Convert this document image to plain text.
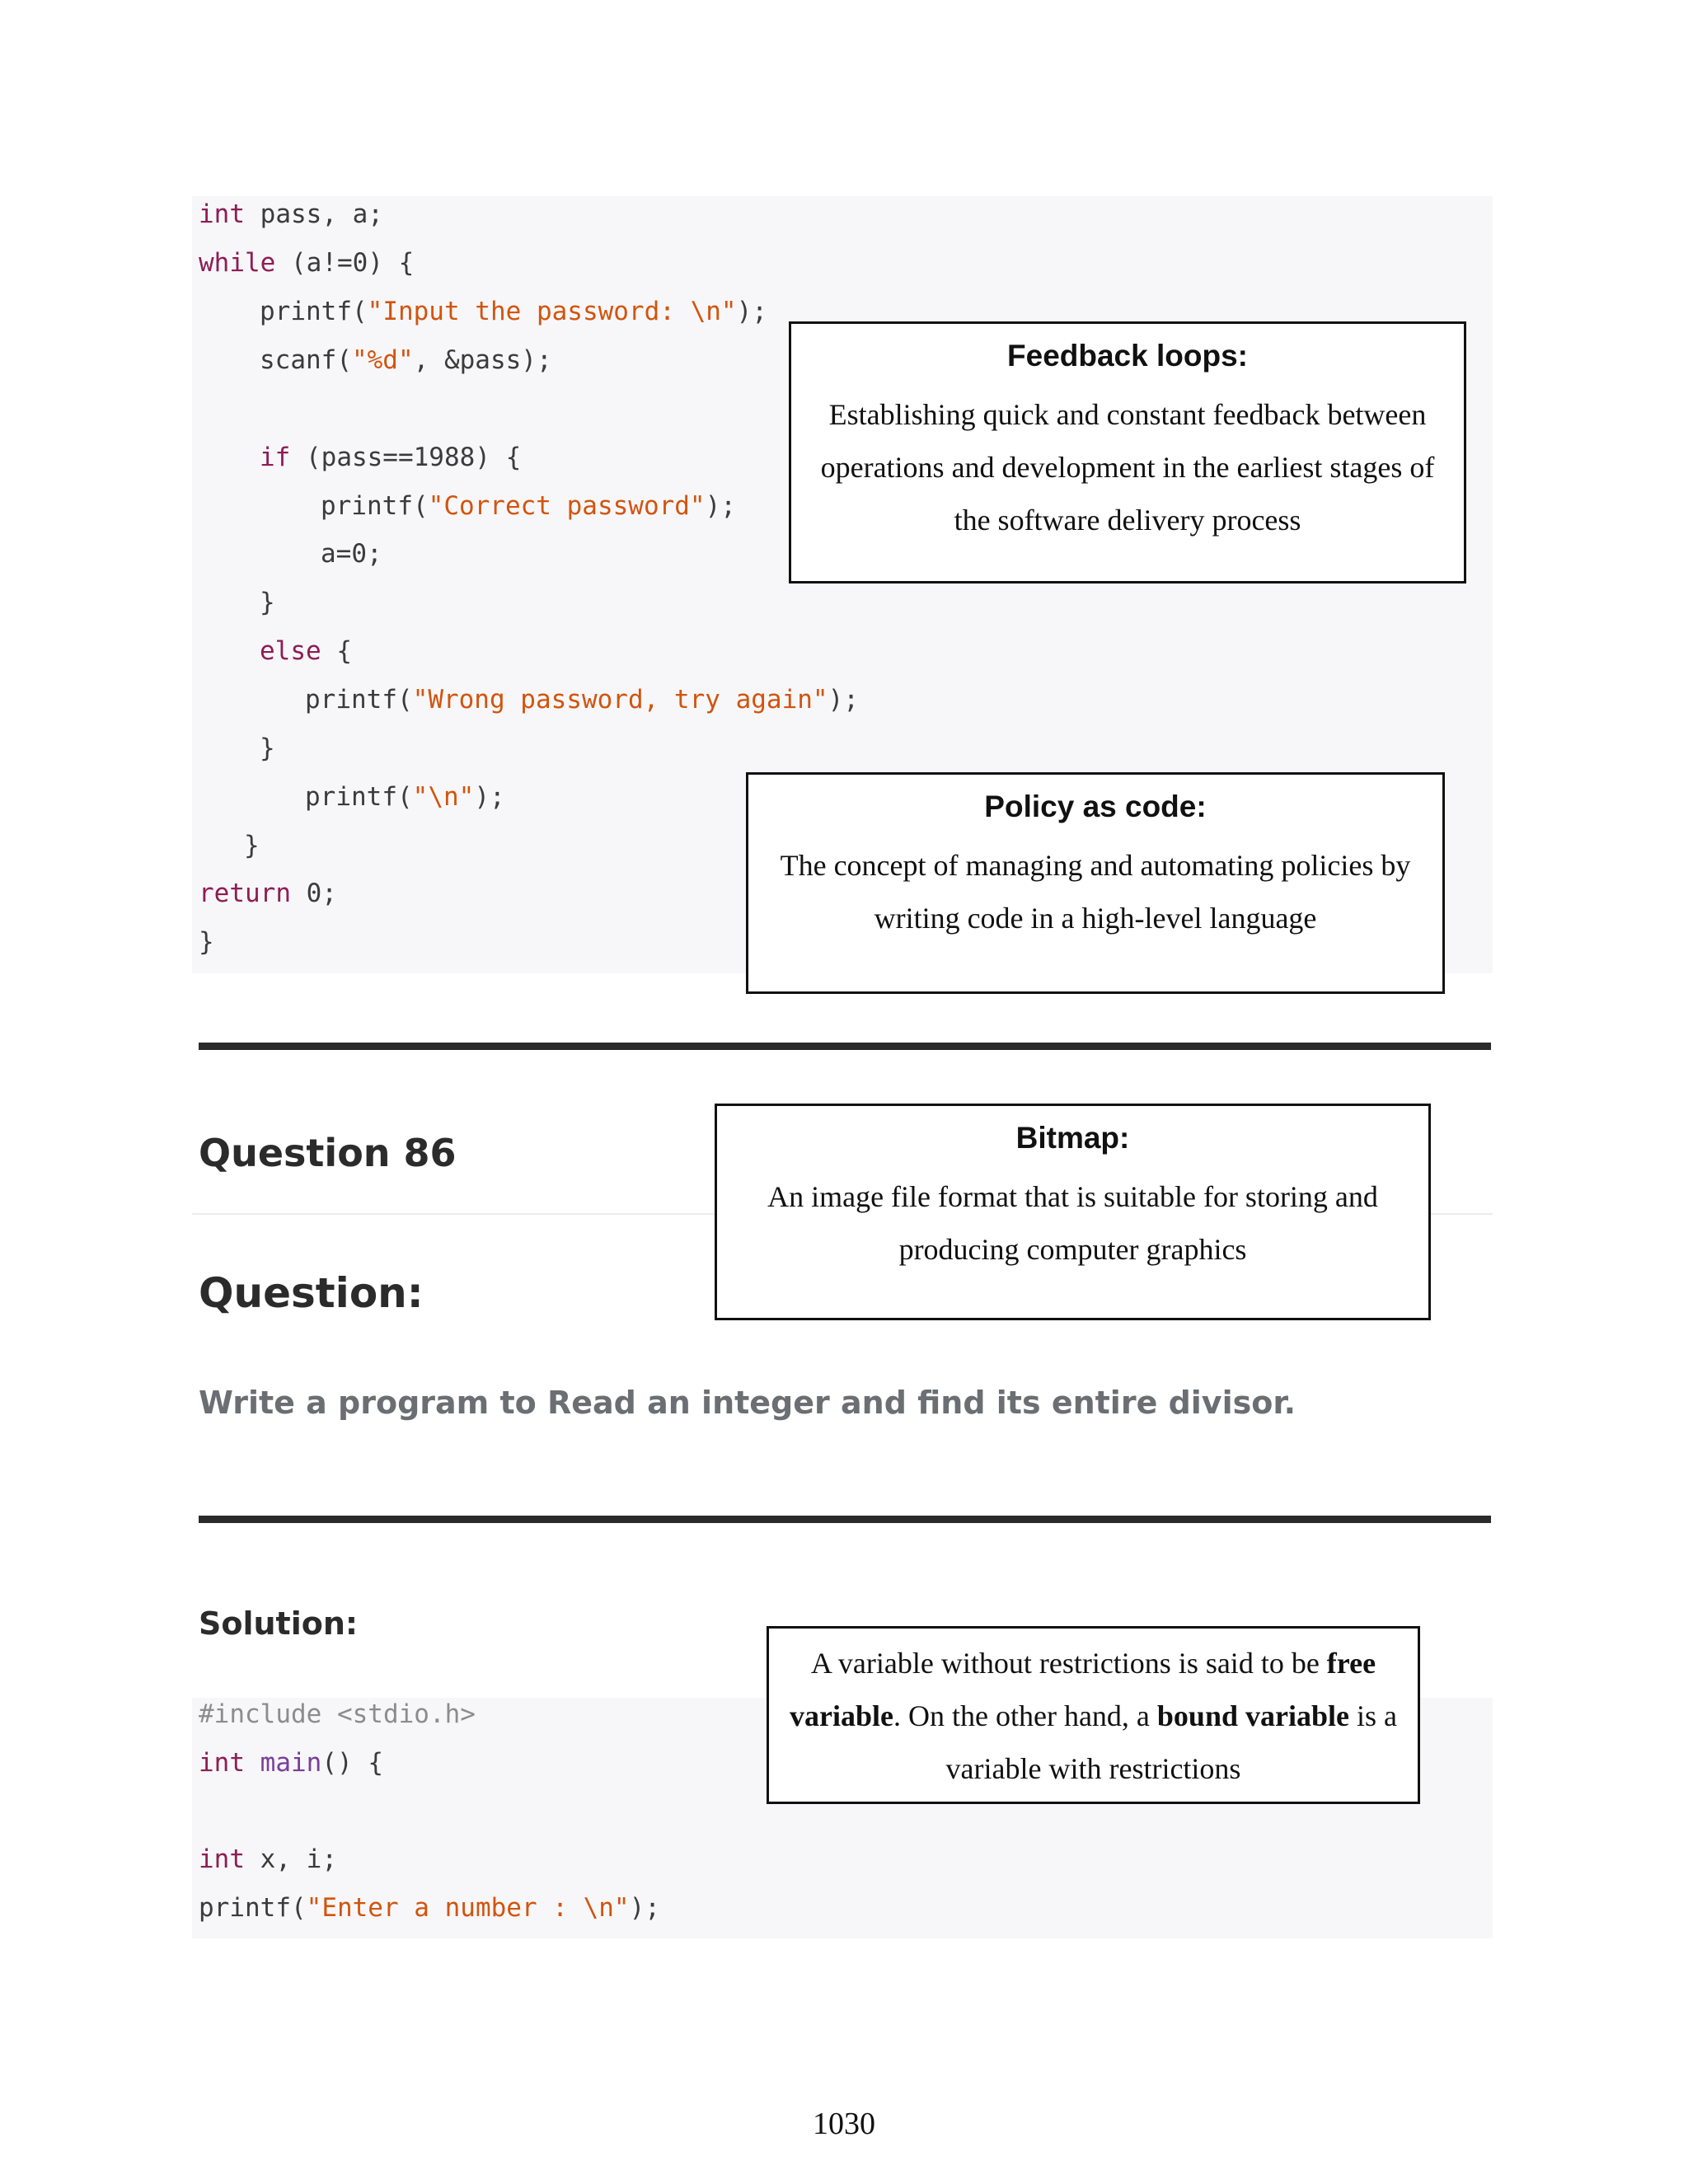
int pass, a;
while (a!=0) {
printf("Input the password: \n");
scanf("%d", &pass);
if (pass==1988) {
printf("Correct password");
a=0;
}
else {
printf("Wrong password, try again");
}
printf("\n");
}
return 0;
}
Feedback loops:
Establishing quick and constant feedback between operations and development in the earliest stages of the software delivery process
Policy as code:
The concept of managing and automating policies by writing code in a high-level language
Question 86	Bitmap:
An image file format that is suitable for storing and producing computer graphics
Question:
Write a program to Read an integer and find its entire divisor.
Solution:
#include <stdio.h>
int main() {
int x, i;
printf("Enter a number : \n");
A variable without restrictions is said to be free variable. On the other hand, a bound variable is a variable with restrictions
1030
